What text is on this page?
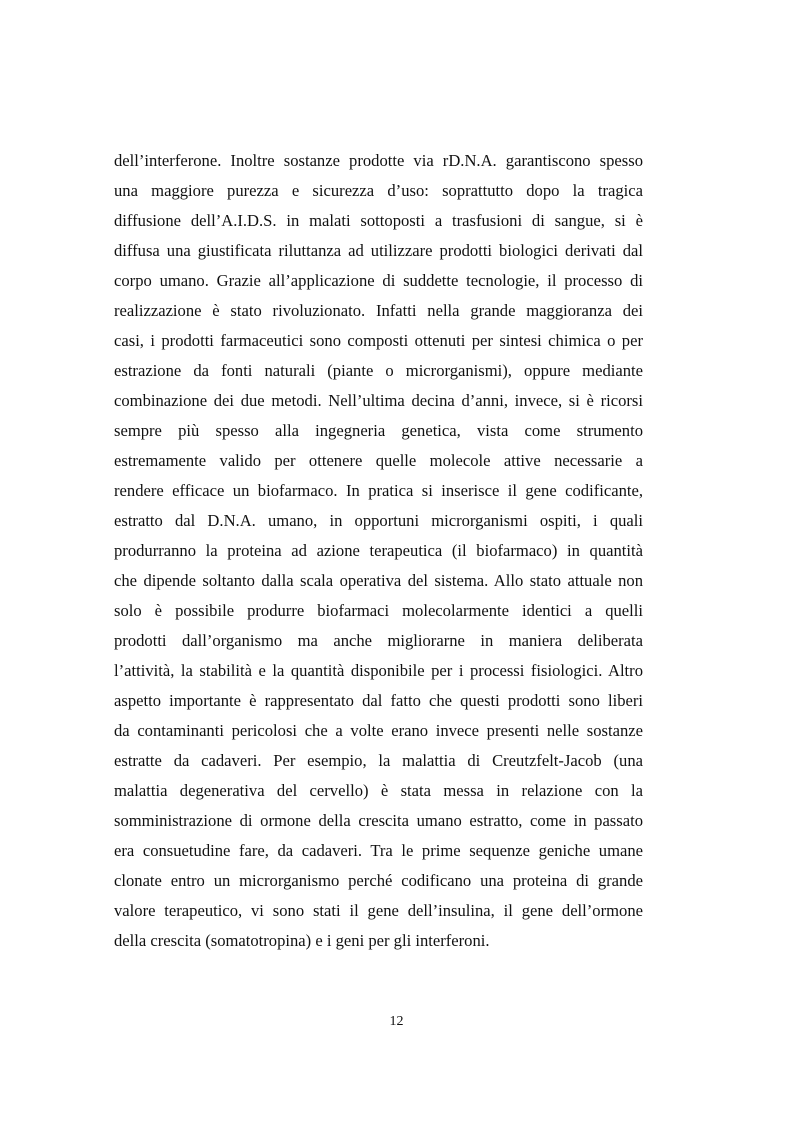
dell’interferone. Inoltre sostanze prodotte via rD.N.A. garantiscono spesso
una maggiore purezza e sicurezza d’uso: soprattutto dopo la tragica
diffusione dell’A.I.D.S. in malati sottoposti a trasfusioni di sangue, si è
diffusa una giustificata riluttanza ad utilizzare prodotti biologici derivati dal
corpo umano. Grazie all’applicazione di suddette tecnologie, il processo di
realizzazione è stato rivoluzionato. Infatti nella grande maggioranza dei
casi, i prodotti farmaceutici sono composti ottenuti per sintesi chimica o per
estrazione da fonti naturali (piante o microrganismi), oppure mediante
combinazione dei due metodi. Nell’ultima decina d’anni, invece, si è ricorsi
sempre più spesso alla ingegneria genetica, vista come strumento
estremamente valido per ottenere quelle molecole attive necessarie a
rendere efficace un biofarmaco. In pratica si inserisce il gene codificante,
estratto dal D.N.A. umano, in opportuni microrganismi ospiti, i quali
produrranno la proteina ad azione terapeutica (il biofarmaco) in quantità
che dipende soltanto dalla scala operativa del sistema. Allo stato attuale non
solo è possibile produrre biofarmaci molecolarmente identici a quelli
prodotti dall’organismo ma anche migliorarne in maniera deliberata
l’attività, la stabilità e la quantità disponibile per i processi fisiologici. Altro
aspetto importante è rappresentato dal fatto che questi prodotti sono liberi
da contaminanti pericolosi che a volte erano invece presenti nelle sostanze
estratte da cadaveri. Per esempio, la malattia di Creutzfelt-Jacob (una
malattia degenerativa del cervello) è stata messa in relazione con la
somministrazione di ormone della crescita umano estratto, come in passato
era consuetudine fare, da cadaveri. Tra le prime sequenze geniche umane
clonate entro un microrganismo perché codificano una proteina di grande
valore terapeutico, vi sono stati il gene dell’insulina, il gene dell’ormone
della crescita (somatotropina) e i geni per gli interferoni.
12
